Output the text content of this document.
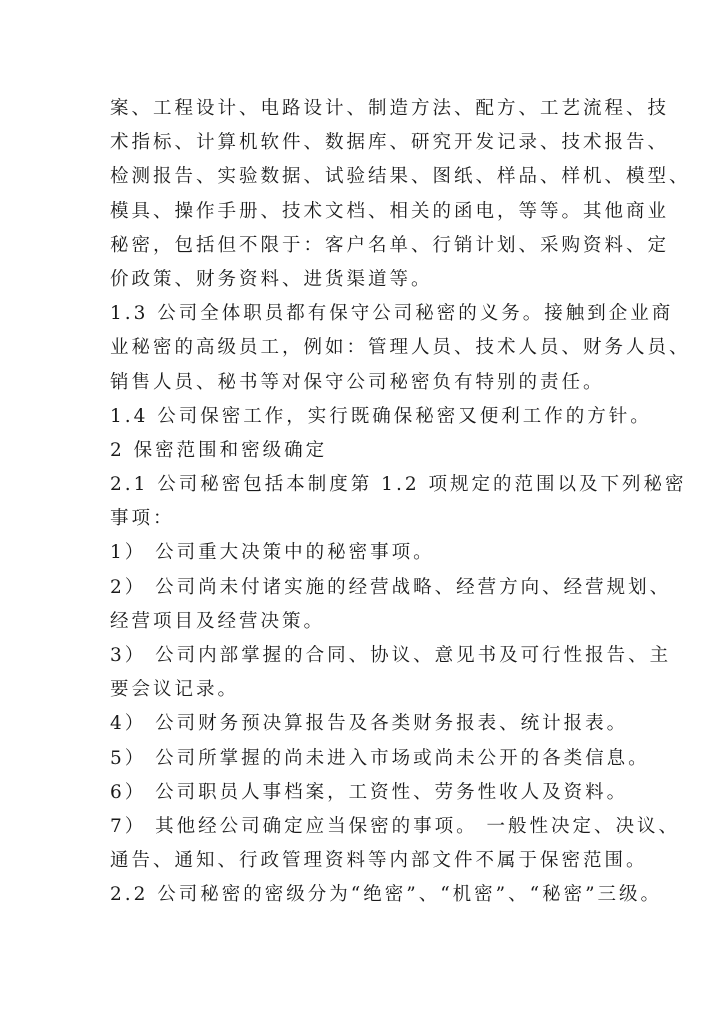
案、工程设计、电路设计、制造方法、配方、工艺流程、技
术指标、计算机软件、数据库、研究开发记录、技术报告、
检测报告、实验数据、试验结果、图纸、样品、样机、模型、
模具、操作手册、技术文档、相关的函电，等等。其他商业
秘密，包括但不限于：客户名单、行销计划、采购资料、定
价政策、财务资料、进货渠道等。
1.3 公司全体职员都有保守公司秘密的义务。接触到企业商
业秘密的高级员工，例如：管理人员、技术人员、财务人员、
销售人员、秘书等对保守公司秘密负有特别的责任。
1.4 公司保密工作，实行既确保秘密又便利工作的方针。
2 保密范围和密级确定
2.1 公司秘密包括本制度第 1.2 项规定的范围以及下列秘密
事项：
1） 公司重大决策中的秘密事项。
2） 公司尚未付诸实施的经营战略、经营方向、经营规划、
经营项目及经营决策。
3） 公司内部掌握的合同、协议、意见书及可行性报告、主
要会议记录。
4） 公司财务预决算报告及各类财务报表、统计报表。
5） 公司所掌握的尚未进入市场或尚未公开的各类信息。
6） 公司职员人事档案，工资性、劳务性收人及资料。
7） 其他经公司确定应当保密的事项。 一般性决定、决议、
通告、通知、行政管理资料等内部文件不属于保密范围。
2.2 公司秘密的密级分为“绝密”、“机密”、“秘密”三级。
